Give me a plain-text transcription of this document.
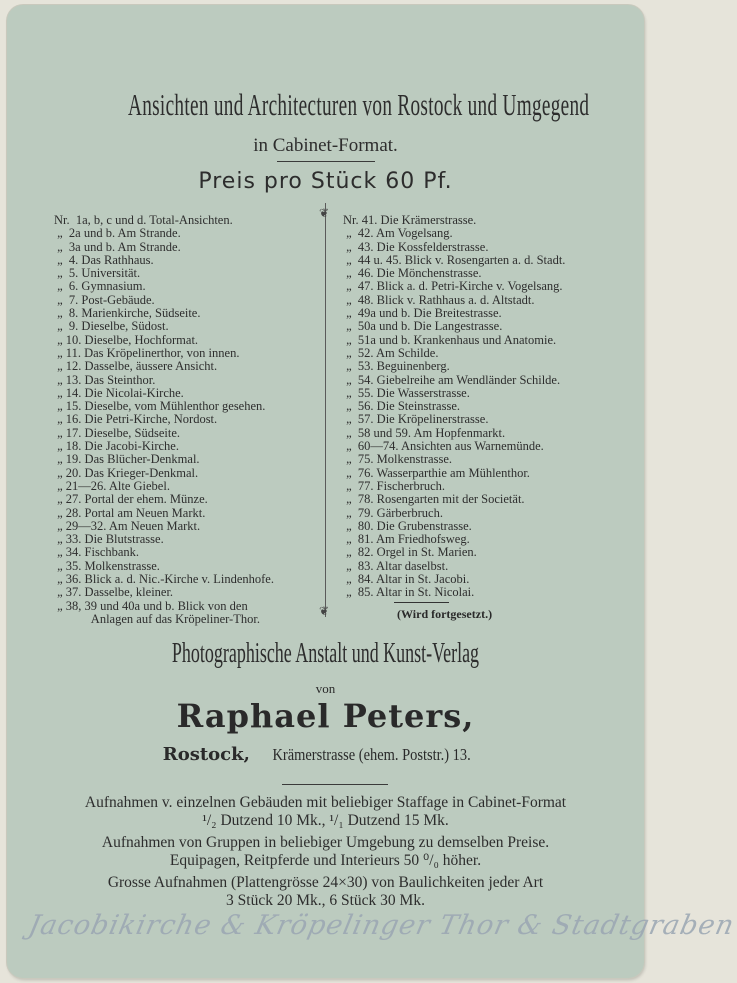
Ansichten und Architecturen von Rostock und Umgegend
in Cabinet-Format.
Preis pro Stück 60 Pf.
Nr.  1a, b, c und d. Total-Ansichten.
„  2a und b. Am Strande.
„  3a und b. Am Strande.
„  4. Das Rathhaus.
„  5. Universität.
„  6. Gymnasium.
„  7. Post-Gebäude.
„  8. Marienkirche, Südseite.
„  9. Dieselbe, Südost.
„ 10. Dieselbe, Hochformat.
„ 11. Das Kröpelinerthor, von innen.
„ 12. Dasselbe, äussere Ansicht.
„ 13. Das Steinthor.
„ 14. Die Nicolai-Kirche.
„ 15. Dieselbe, vom Mühlenthor gesehen.
„ 16. Die Petri-Kirche, Nordost.
„ 17. Dieselbe, Südseite.
„ 18. Die Jacobi-Kirche.
„ 19. Das Blücher-Denkmal.
„ 20. Das Krieger-Denkmal.
„ 21—26. Alte Giebel.
„ 27. Portal der ehem. Münze.
„ 28. Portal am Neuen Markt.
„ 29—32. Am Neuen Markt.
„ 33. Die Blutstrasse.
„ 34. Fischbank.
„ 35. Molkenstrasse.
„ 36. Blick a. d. Nic.-Kirche v. Lindenhofe.
„ 37. Dasselbe, kleiner.
„ 38, 39 und 40a und b. Blick von den
Anlagen auf das Kröpeliner-Thor.
❦
❦
Nr. 41. Die Krämerstrasse.
„  42. Am Vogelsang.
„  43. Die Kossfelderstrasse.
„  44 u. 45. Blick v. Rosengarten a. d. Stadt.
„  46. Die Mönchenstrasse.
„  47. Blick a. d. Petri-Kirche v. Vogelsang.
„  48. Blick v. Rathhaus a. d. Altstadt.
„  49a und b. Die Breitestrasse.
„  50a und b. Die Langestrasse.
„  51a und b. Krankenhaus und Anatomie.
„  52. Am Schilde.
„  53. Beguinenberg.
„  54. Giebelreihe am Wendländer Schilde.
„  55. Die Wasserstrasse.
„  56. Die Steinstrasse.
„  57. Die Kröpelinerstrasse.
„  58 und 59. Am Hopfenmarkt.
„  60—74. Ansichten aus Warnemünde.
„  75. Molkenstrasse.
„  76. Wasserparthie am Mühlenthor.
„  77. Fischerbruch.
„  78. Rosengarten mit der Societät.
„  79. Gärberbruch.
„  80. Die Grubenstrasse.
„  81. Am Friedhofsweg.
„  82. Orgel in St. Marien.
„  83. Altar daselbst.
„  84. Altar in St. Jacobi.
„  85. Altar in St. Nicolai.
(Wird fortgesetzt.)
Photographische Anstalt und Kunst-Verlag
von
Raphael Peters,
Rostock, Krämerstrasse (ehem. Poststr.) 13.
Aufnahmen v. einzelnen Gebäuden mit beliebiger Staffage in Cabinet-Format
¹/₂ Dutzend 10 Mk., ¹/₁ Dutzend 15 Mk.
Aufnahmen von Gruppen in beliebiger Umgebung zu demselben Preise.
Equipagen, Reitpferde und Interieurs 50 ⁰/₀ höher.
Grosse Aufnahmen (Plattengrösse 24×30) von Baulichkeiten jeder Art
3 Stück 20 Mk., 6 Stück 30 Mk.
Jacobikirche & Kröpelinger Thor & Stadtgraben
